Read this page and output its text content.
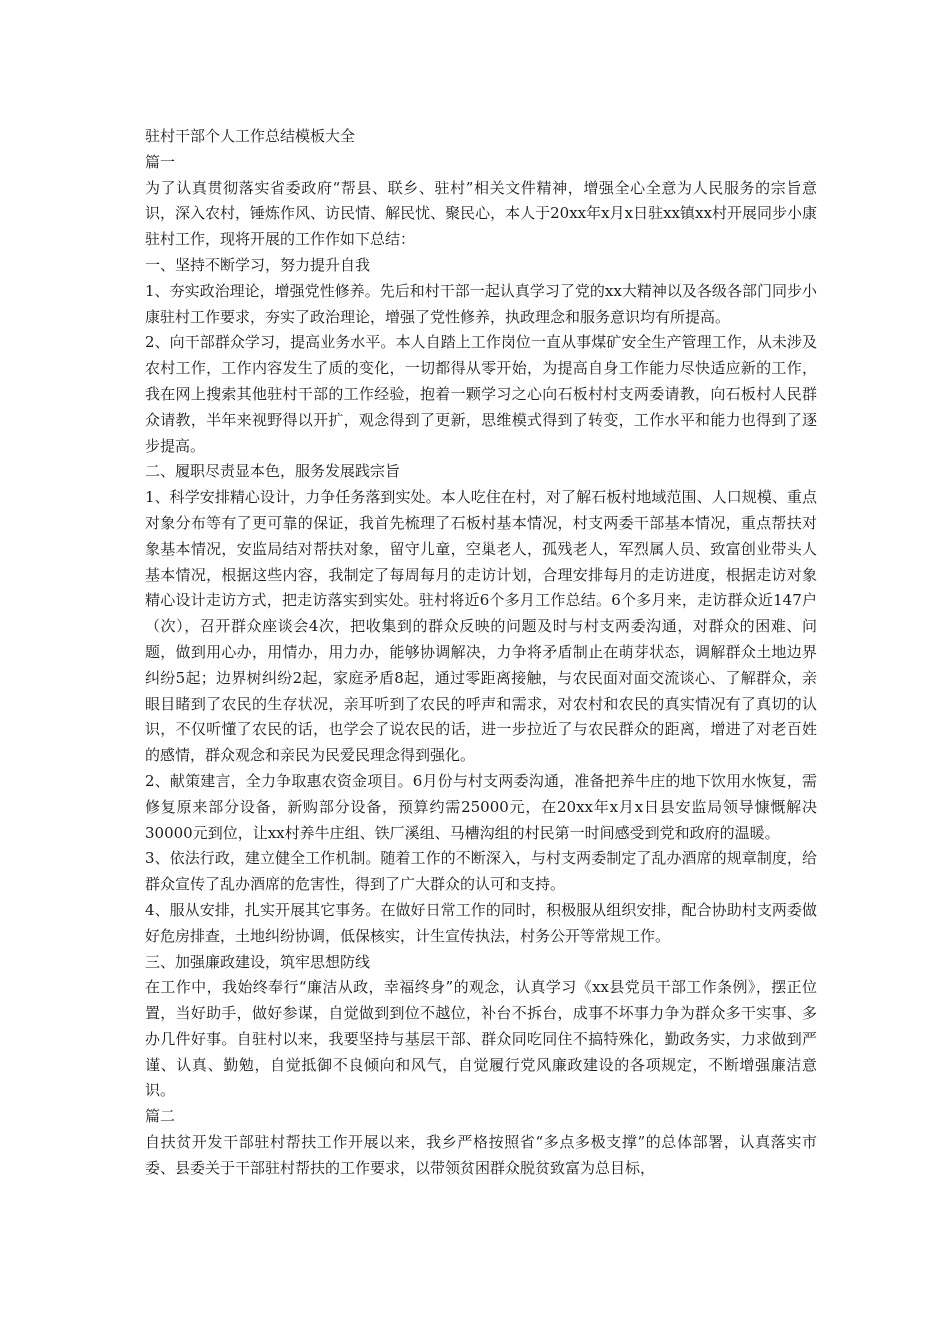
驻村干部个人工作总结模板大全

篇一

为了认真贯彻落实省委政府“帮县、联乡、驻村”相关文件精神，增强全心全意为人民服务的宗旨意识，深入农村，锤炼作风、访民情、解民忧、聚民心，本人于20xx年x月x日驻xx镇xx村开展同步小康驻村工作，现将开展的工作作如下总结：

一、坚持不断学习，努力提升自我

1、夯实政治理论，增强党性修养。先后和村干部一起认真学习了党的xx大精神以及各级各部门同步小康驻村工作要求，夯实了政治理论，增强了党性修养，执政理念和服务意识均有所提高。

2、向干部群众学习，提高业务水平。本人自踏上工作岗位一直从事煤矿安全生产管理工作，从未涉及农村工作，工作内容发生了质的变化，一切都得从零开始，为提高自身工作能力尽快适应新的工作，我在网上搜索其他驻村干部的工作经验，抱着一颗学习之心向石板村村支两委请教，向石板村人民群众请教，半年来视野得以开扩，观念得到了更新，思维模式得到了转变，工作水平和能力也得到了逐步提高。

二、履职尽责显本色，服务发展践宗旨

1、科学安排精心设计，力争任务落到实处。本人吃住在村，对了解石板村地域范围、人口规模、重点对象分布等有了更可靠的保证，我首先梳理了石板村基本情况，村支两委干部基本情况，重点帮扶对象基本情况，安监局结对帮扶对象，留守儿童，空巢老人，孤残老人，军烈属人员、致富创业带头人基本情况，根据这些内容，我制定了每周每月的走访计划，合理安排每月的走访进度，根据走访对象精心设计走访方式，把走访落实到实处。驻村将近6个多月工作总结。6个多月来，走访群众近147户（次），召开群众座谈会4次，把收集到的群众反映的问题及时与村支两委沟通，对群众的困难、问题，做到用心办，用情办，用力办，能够协调解决，力争将矛盾制止在萌芽状态，调解群众土地边界纠纷5起；边界树纠纷2起，家庭矛盾8起，通过零距离接触，与农民面对面交流谈心、了解群众，亲眼目睹到了农民的生存状况，亲耳听到了农民的呼声和需求，对农村和农民的真实情况有了真切的认识，不仅听懂了农民的话，也学会了说农民的话，进一步拉近了与农民群众的距离，增进了对老百姓的感情，群众观念和亲民为民爱民理念得到强化。

2、献策建言，全力争取惠农资金项目。6月份与村支两委沟通，准备把养牛庄的地下饮用水恢复，需修复原来部分设备，新购部分设备，预算约需25000元，在20xx年x月x日县安监局领导慷慨解决30000元到位，让xx村养牛庄组、铁厂溪组、马槽沟组的村民第一时间感受到党和政府的温暖。

3、依法行政，建立健全工作机制。随着工作的不断深入，与村支两委制定了乱办酒席的规章制度，给群众宣传了乱办酒席的危害性，得到了广大群众的认可和支持。

4、服从安排，扎实开展其它事务。在做好日常工作的同时，积极服从组织安排，配合协助村支两委做好危房排查，土地纠纷协调，低保核实，计生宣传执法，村务公开等常规工作。

三、加强廉政建设，筑牢思想防线

在工作中，我始终奉行“廉洁从政，幸福终身”的观念，认真学习《xx县党员干部工作条例》，摆正位置，当好助手，做好参谋，自觉做到到位不越位，补台不拆台，成事不坏事力争为群众多干实事、多办几件好事。自驻村以来，我要坚持与基层干部、群众同吃同住不搞特殊化，勤政务实，力求做到严谨、认真、勤勉，自觉抵御不良倾向和风气，自觉履行党风廉政建设的各项规定，不断增强廉洁意识。

篇二

自扶贫开发干部驻村帮扶工作开展以来，我乡严格按照省“多点多极支撑”的总体部署，认真落实市委、县委关于干部驻村帮扶的工作要求，以带领贫困群众脱贫致富为总目标，
